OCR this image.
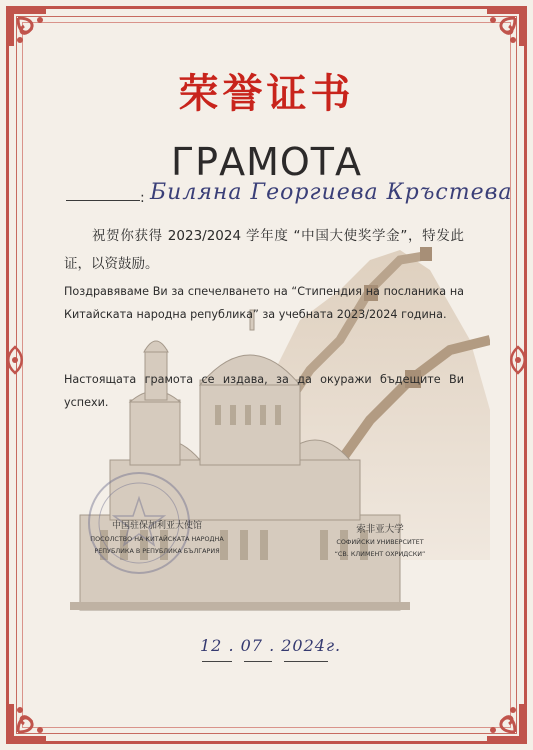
荣誉证书
ГРАМОТА
: Биляна Георгиева Кръстева
祝贺你获得 2023/2024 学年度 “中国大使奖学金”，特发此证，以资鼓励。
Поздравяваме Ви за спечелването на “Стипендия на посланика на Китайската народна република” за учебната 2023/2024 година.
Настоящата грамота се издава, за да окуражи бъдещите Ви успехи.
中国驻保加利亚大使馆
ПОСОЛСТВО НА КИТАЙСКАТА НАРОДНА
РЕПУБЛИКА В РЕПУБЛИКА БЪЛГАРИЯ
索非亚大学
СОФИЙСКИ УНИВЕРСИТЕТ
“СВ. КЛИМЕНТ ОХРИДСКИ”
12 . 07 . 2024г.
